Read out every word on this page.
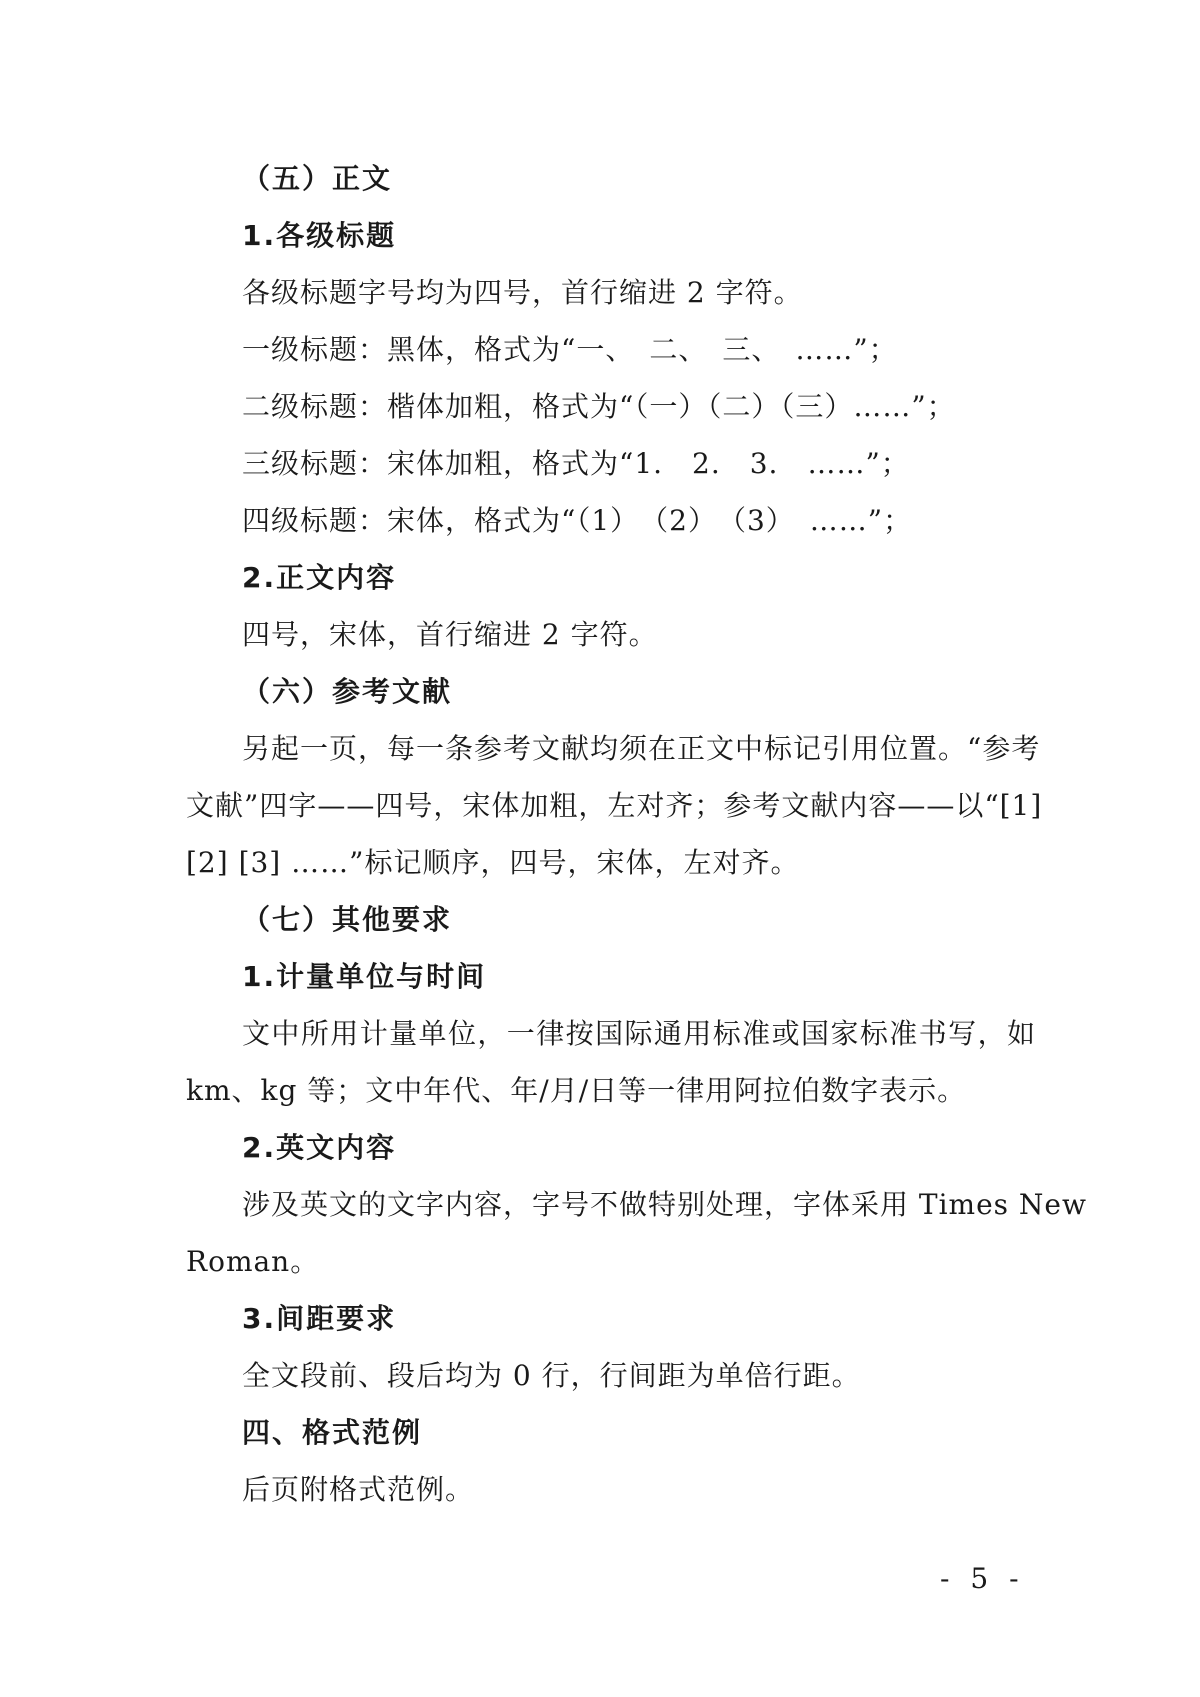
（五）正文

1.各级标题

各级标题字号均为四号，首行缩进 2 字符。

一级标题：黑体，格式为“一、　二、　三、　……”；

二级标题：楷体加粗，格式为“（一）（二）（三）……”；

三级标题：宋体加粗，格式为“1.　2.　3.　……”；

四级标题：宋体，格式为“（1）　（2）　（3）　……”；

2.正文内容

四号，宋体，首行缩进 2 字符。

（六）参考文献

另起一页，每一条参考文献均须在正文中标记引用位置。“参考

文献”四字——四号，宋体加粗，左对齐；参考文献内容——以“[1]

[2] [3] ……”标记顺序，四号，宋体，左对齐。

（七）其他要求

1.计量单位与时间

文中所用计量单位，一律按国际通用标准或国家标准书写，如

km、kg 等；文中年代、年/月/日等一律用阿拉伯数字表示。

2.英文内容

涉及英文的文字内容，字号不做特别处理，字体采用 Times New

Roman。

3.间距要求

全文段前、段后均为 0 行，行间距为单倍行距。

四、格式范例

后页附格式范例。

- 5 -
